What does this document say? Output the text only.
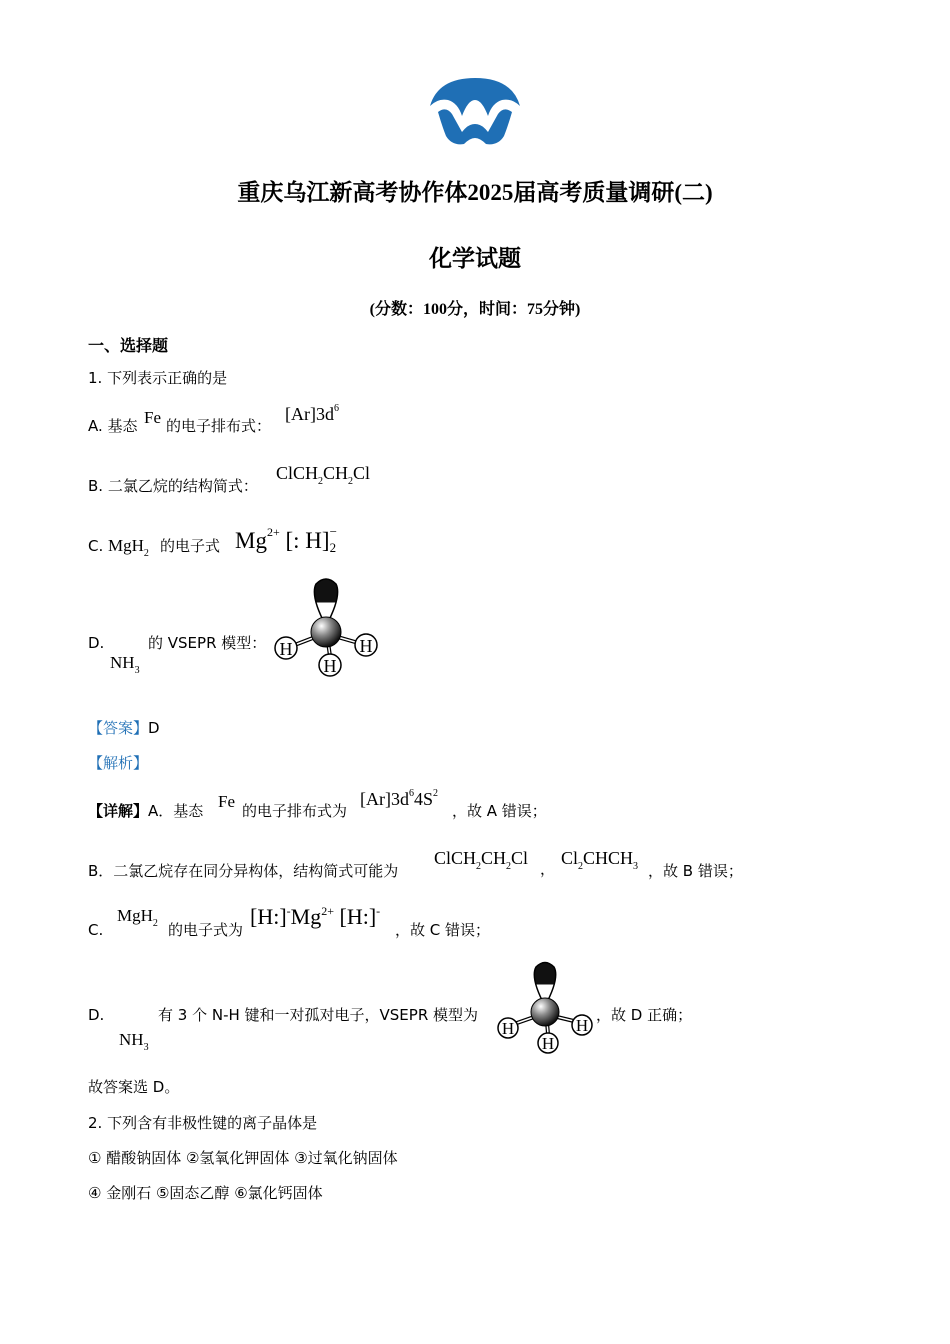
重庆乌江新高考协作体2025届高考质量调研(二)
化学试题
(分数：100分，时间：75分钟)
一、选择题
1. 下列表示正确的是
A. 基态 Fe 的电子排布式：
$[Ar]3d^6$
B. 二氯乙烷的结构简式：
$ClCH_2CH_2Cl$
C. MgH$_2$ 的电子式 $Mg^{2+}$ [: H] −
2
D.	的 VSEPR 模型：
$NH_3$
H	H
H
【答案】D
【解析】
【详解】A．基态 Fe 的电子排布式为
$[Ar]3d^64S^2$
，故 A 错误；
B．二氯乙烷存在同分异构体，结构简式可能为
$ClCH_2CH_2Cl$
，
$Cl_2CHCH_3$ ，故 B 错误；
C.
MgH$_2$ 的电子式为
$[H:]^-Mg^{2+}$ [H:]-
，故 C 错误；
D.	有 3 个 N-H 键和一对孤对电子，VSEPR 模型为
$NH_3$
H	H
H
，故 D 正确；
故答案选 D。
2. 下列含有非极性键的离子晶体是
① 醋酸钠固体 ②氢氧化钾固体 ③过氧化钠固体
④ 金刚石 ⑤固态乙醇 ⑥氯化钙固体
